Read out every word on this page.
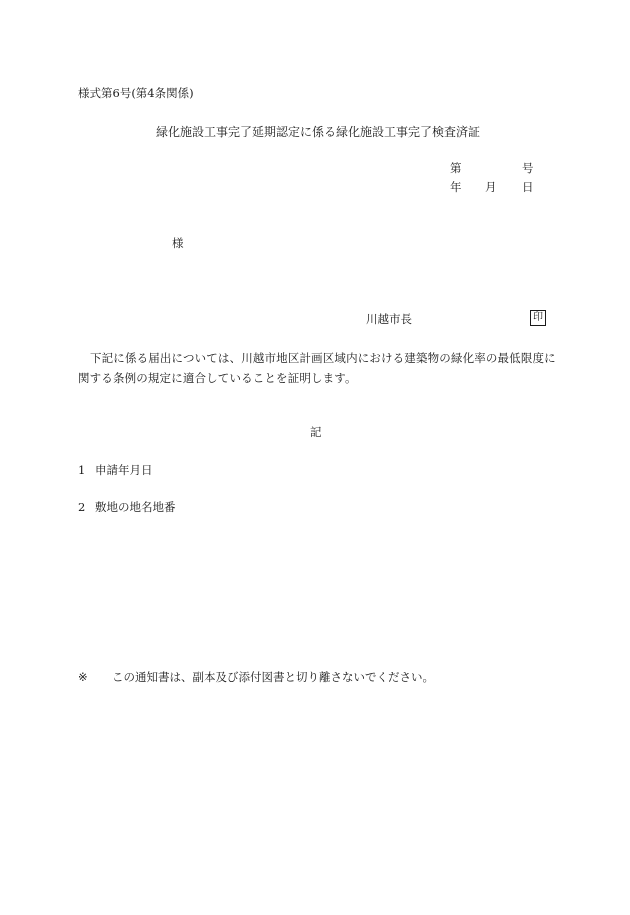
様式第6号(第4条関係)
緑化施設工事完了延期認定に係る緑化施設工事完了検査済証
第	号
年 月 日
様
川越市長	印
下記に係る届出については、川越市地区計画区域内における建築物の緑化率の最低限度に関する条例の規定に適合していることを証明します。
記
1 申請年月日
2 敷地の地名地番
※ この通知書は、副本及び添付図書と切り離さないでください。
